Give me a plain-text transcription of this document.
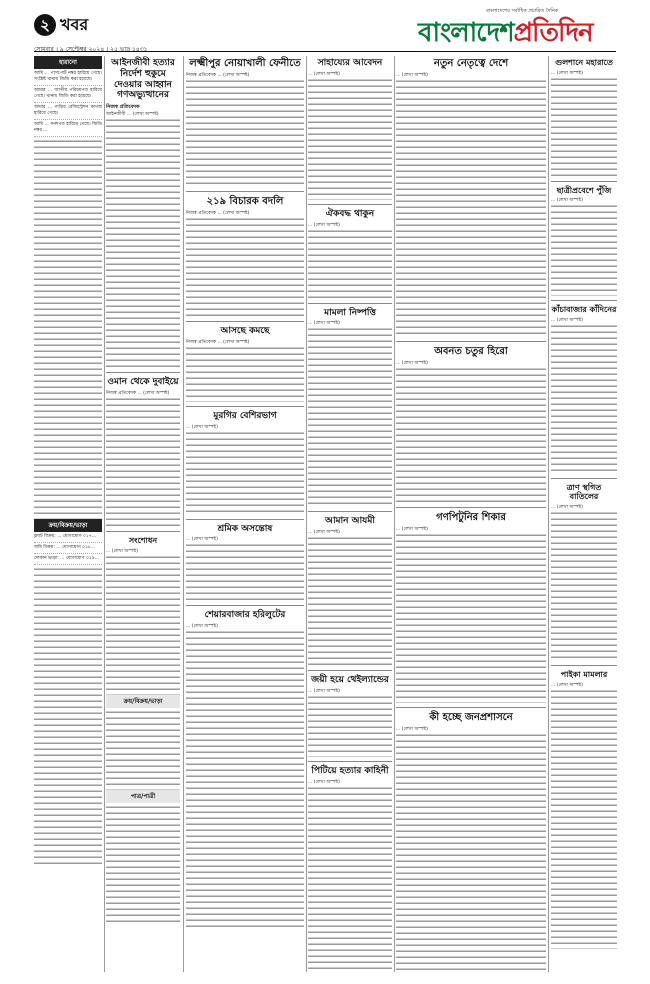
২ খবর
সোমবার । ৯ সেপ্টেম্বর ২০২৪ । ২৫ ভাদ্র ১৪৩১
বাংলাদেশের সর্বাধিক প্রচারিত দৈনিক
বাংলাদেশপ্রতিদিন
হারানো
আমি ... পাসপোর্ট নম্বর হারিয়ে গেছে। সংশ্লিষ্ট থানায় জিডি করা হয়েছে।
আমার ... জাতীয় পরিচয়পত্র হারিয়ে গেছে। থানায় জিডি করা হয়েছে।
আমার ... গাড়ির রেজিস্ট্রেশন কাগজ হারিয়ে গেছে।
আমি ... সনদপত্র হারিয়ে গেছে। জিডি নম্বর ...
ক্রয়/বিক্রয়/ভাড়া
ফ্ল্যাট বিক্রয়: ... যোগাযোগ ০১৭...
জমি বিক্রয়: ... যোগাযোগ ০১৮...
দোকান ভাড়া: ... যোগাযোগ ০১৯...
আইনজীবী হত্যার নির্দেশ হুকুমে দেওয়ার আহ্বান গণঅভ্যুত্থানের
নিজস্ব প্রতিবেদক
আইনজীবী ... (লেখা অস্পষ্ট)
ওমান থেকে দুবাইয়ে
নিজস্ব প্রতিবেদক ... (লেখা অস্পষ্ট)
সংশোধন
... (লেখা অস্পষ্ট)
ক্রয়/বিক্রয়/ভাড়া
পাত্র/পাত্রী
লক্ষ্মীপুর নোয়াখালী ফেনীতে
নিজস্ব প্রতিবেদক ... (লেখা অস্পষ্ট)
২১৯ বিচারক বদলি
নিজস্ব প্রতিবেদক ... (লেখা অস্পষ্ট)
আসছে কমছে
নিজস্ব প্রতিবেদক ... (লেখা অস্পষ্ট)
মুরগির বেশিরভাগ
... (লেখা অস্পষ্ট)
শ্রমিক অসন্তোষ
... (লেখা অস্পষ্ট)
শেয়ারবাজার হরিলুটের
... (লেখা অস্পষ্ট)
সাহায্যের আবেদন
... (লেখা অস্পষ্ট)
ঐকবদ্ধ থাকুন
... (লেখা অস্পষ্ট)
মামলা নিষ্পত্তি
... (লেখা অস্পষ্ট)
আমান আযমী
... (লেখা অস্পষ্ট)
জয়ী হয়ে থেইল্যান্ডের
... (লেখা অস্পষ্ট)
পিটিয়ে হত্যার কাহিনী
... (লেখা অস্পষ্ট)
নতুন নেতৃত্বে দেশে
... (লেখা অস্পষ্ট)
অবনত চতুর হিরো
... (লেখা অস্পষ্ট)
গণপিটুনির শিকার
... (লেখা অস্পষ্ট)
কী হচ্ছে জনপ্রশাসনে
... (লেখা অস্পষ্ট)
গুলশানে মহারাতে
... (লেখা অস্পষ্ট)
ছাত্রীপ্রবেশে পুঁজি
... (লেখা অস্পষ্ট)
কাঁচাবাজার কাঁদিনের
... (লেখা অস্পষ্ট)
ত্রাণ স্থগিত বাতিলের
... (লেখা অস্পষ্ট)
পাইকা মামলার
... (লেখা অস্পষ্ট)
